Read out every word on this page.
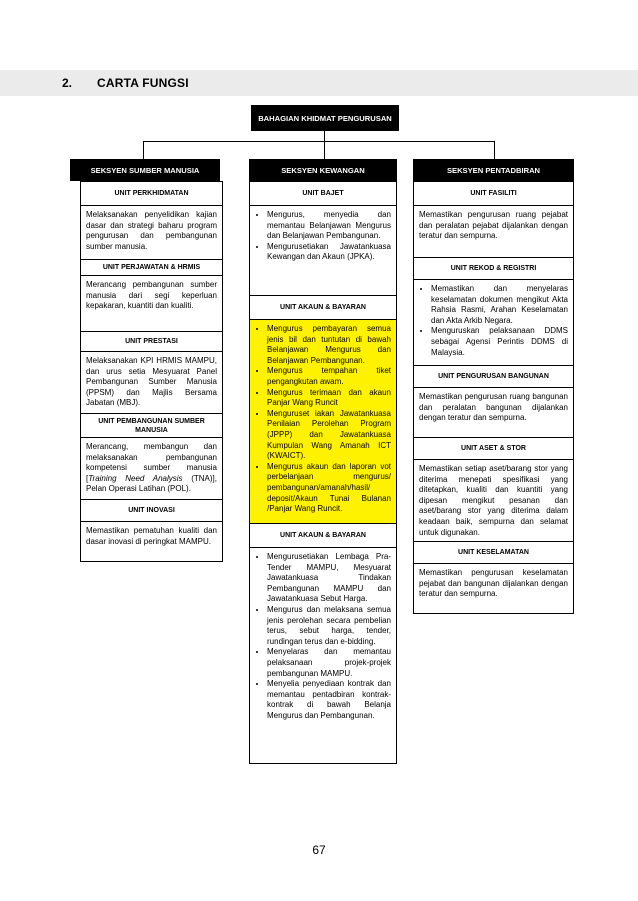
2. CARTA FUNGSI
BAHAGIAN KHIDMAT PENGURUSAN
SEKSYEN SUMBER MANUSIA	SEKSYEN KEWANGAN	SEKSYEN PENTADBIRAN
UNIT PERKHIDMATAN
Melaksanakan penyelidikan kajian dasar dan strategi baharu program pengurusan dan pembangunan sumber manusia.
UNIT PERJAWATAN & HRMIS
Merancang pembangunan sumber manusia dari segi keperluan kepakaran, kuantiti dan kualiti.
UNIT PRESTASI
Melaksanakan KPI HRMIS MAMPU, dan urus setia Mesyuarat Panel Pembangunan Sumber Manusia (PPSM) dan Majlis Bersama Jabatan (MBJ).
UNIT PEMBANGUNAN SUMBER MANUSIA
Merancang, membangun dan melaksanakan pembangunan kompetensi sumber manusia [Training Need Analysis (TNA)], Pelan Operasi Latihan (POL).
UNIT INOVASI
Memastikan pematuhan kualiti dan dasar inovasi di peringkat MAMPU.
UNIT BAJET
• Mengurus, menyedia dan memantau Belanjawan Mengurus dan Belanjawan Pembangunan.
• Mengurusetiakan Jawatankuasa Kewangan dan Akaun (JPKA).
UNIT AKAUN & BAYARAN
• Mengurus pembayaran semua jenis bil dan tuntutan di bawah Belanjawan Mengurus dan Belanjawan Pembangunan.
• Mengurus tempahan tiket pengangkutan awam.
• Mengurus terimaan dan akaun Panjar Wang Runcit
• Menguruset iakan Jawatankuasa Penilaian Perolehan Program (JPPP) dan Jawatankuasa Kumpulan Wang Amanah ICT (KWAICT).
• Mengurus akaun dan laporan vot perbelanjaan mengurus/ pembangunan/amanah/hasil/ deposit/Akaun Tunai Bulanan /Panjar Wang Runcit.
UNIT AKAUN & BAYARAN
• Mengurusetiakan Lembaga Pra-Tender MAMPU, Mesyuarat Jawatankuasa Tindakan Pembangunan MAMPU dan Jawatankuasa Sebut Harga.
• Mengurus dan melaksana semua jenis perolehan secara pembelian terus, sebut harga, tender, rundingan terus dan e-bidding.
• Menyelaras dan memantau pelaksanaan projek-projek pembangunan MAMPU.
• Menyelia penyediaan kontrak dan memantau pentadbiran kontrak-kontrak di bawah Belanja Mengurus dan Pembangunan.
UNIT FASILITI
Memastikan pengurusan ruang pejabat dan peralatan pejabat dijalankan dengan teratur dan sempurna.
UNIT REKOD & REGISTRI
• Memastikan dan menyelaras keselamatan dokumen mengikut Akta Rahsia Rasmi, Arahan Keselamatan dan Akta Arkib Negara.
• Menguruskan pelaksanaan DDMS sebagai Agensi Perintis DDMS di Malaysia.
UNIT PENGURUSAN BANGUNAN
Memastikan pengurusan ruang bangunan dan peralatan bangunan dijalankan dengan teratur dan sempurna.
UNIT ASET & STOR
Memastikan setiap aset/barang stor yang diterima menepati spesifikasi yang ditetapkan, kualiti dan kuantiti yang dipesan mengikut pesanan dan aset/barang stor yang diterima dalam keadaan baik, sempurna dan selamat untuk digunakan.
UNIT KESELAMATAN
Memastikan pengurusan keselamatan pejabat dan bangunan dijalankan dengan teratur dan sempurna.
67
